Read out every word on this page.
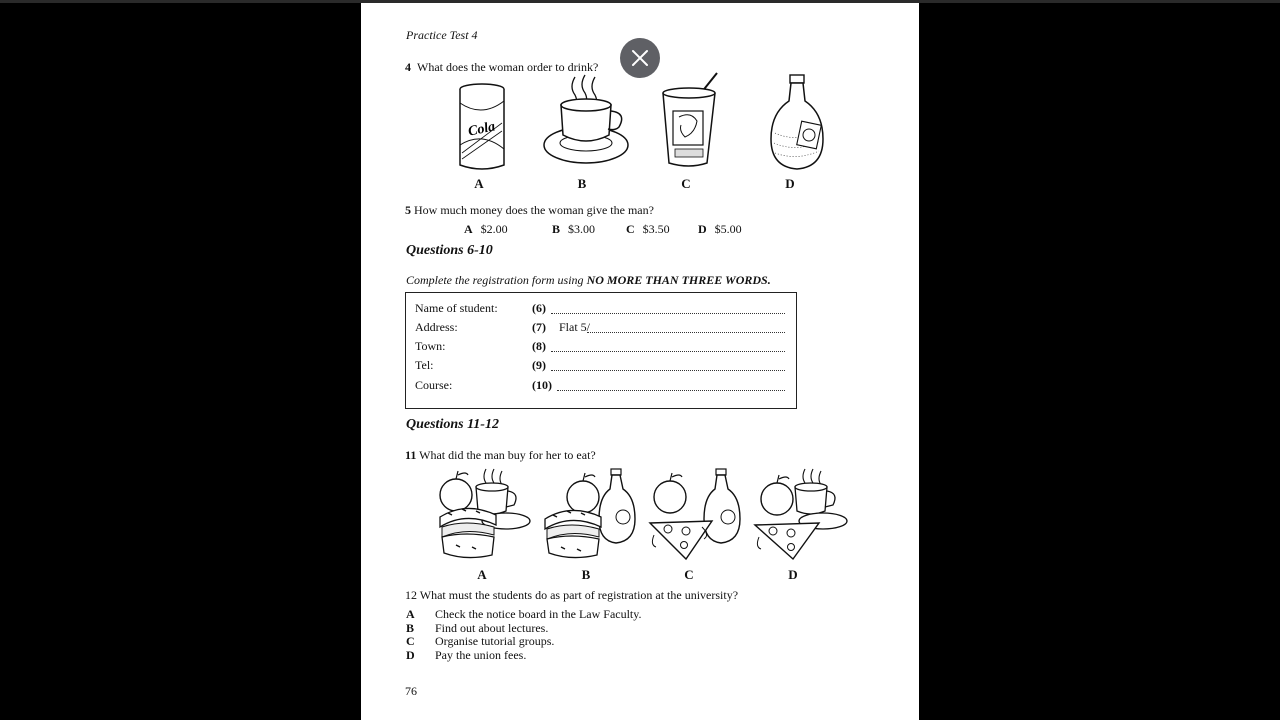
Practice Test 4
4 What does the woman order to drink?
Cola
A	B	C	D
5 How much money does the woman give the man?
A $2.00	B $3.00	C $3.50 D $5.00
Questions 6-10
Complete the registration form using NO MORE THAN THREE WORDS.
Name of student:	(6)
Address:	(7) Flat 5/
Town:	(8)
Tel:	(9)
Course:	(10)
Questions 11-12
11 What did the man buy for her to eat?
A	B	C	D
12 What must the students do as part of registration at the university?
A Check the notice board in the Law Faculty.
B Find out about lectures.
C Organise tutorial groups.
D Pay the union fees.
76
